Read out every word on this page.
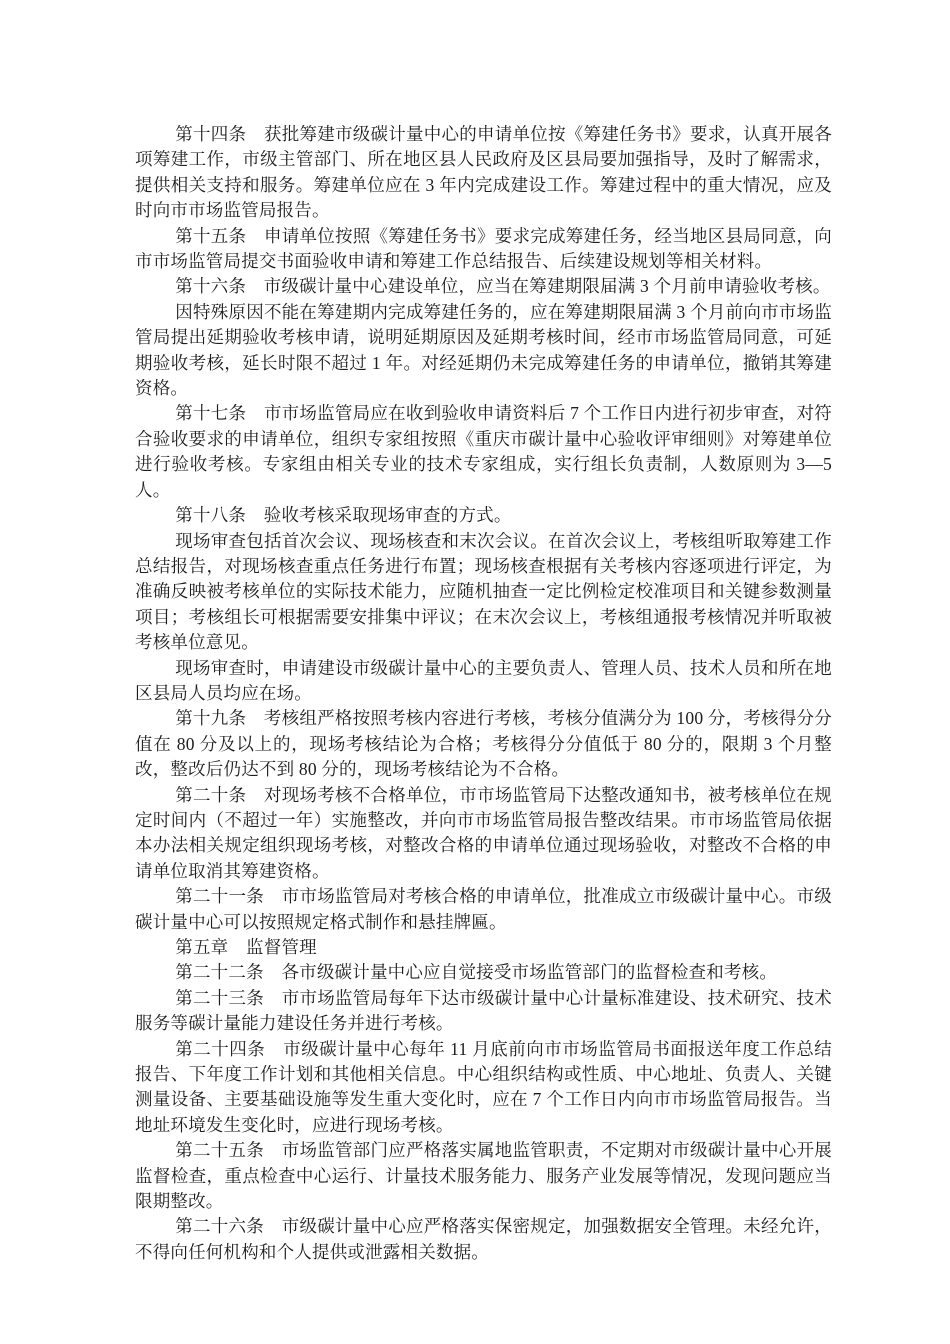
第十四条　获批筹建市级碳计量中心的申请单位按《筹建任务书》要求，认真开展各项筹建工作，市级主管部门、所在地区县人民政府及区县局要加强指导，及时了解需求，提供相关支持和服务。筹建单位应在 3 年内完成建设工作。筹建过程中的重大情况，应及时向市市场监管局报告。

第十五条　申请单位按照《筹建任务书》要求完成筹建任务，经当地区县局同意，向市市场监管局提交书面验收申请和筹建工作总结报告、后续建设规划等相关材料。

第十六条　市级碳计量中心建设单位，应当在筹建期限届满 3 个月前申请验收考核。

因特殊原因不能在筹建期内完成筹建任务的，应在筹建期限届满 3 个月前向市市场监管局提出延期验收考核申请，说明延期原因及延期考核时间，经市市场监管局同意，可延期验收考核，延长时限不超过 1 年。对经延期仍未完成筹建任务的申请单位，撤销其筹建资格。

第十七条　市市场监管局应在收到验收申请资料后 7 个工作日内进行初步审查，对符合验收要求的申请单位，组织专家组按照《重庆市碳计量中心验收评审细则》对筹建单位进行验收考核。专家组由相关专业的技术专家组成，实行组长负责制，人数原则为 3—5 人。

第十八条　验收考核采取现场审查的方式。

现场审查包括首次会议、现场核查和末次会议。在首次会议上，考核组听取筹建工作总结报告，对现场核查重点任务进行布置；现场核查根据有关考核内容逐项进行评定，为准确反映被考核单位的实际技术能力，应随机抽查一定比例检定校准项目和关键参数测量项目；考核组长可根据需要安排集中评议；在末次会议上，考核组通报考核情况并听取被考核单位意见。

现场审查时，申请建设市级碳计量中心的主要负责人、管理人员、技术人员和所在地区县局人员均应在场。

第十九条　考核组严格按照考核内容进行考核，考核分值满分为 100 分，考核得分分值在 80 分及以上的，现场考核结论为合格；考核得分分值低于 80 分的，限期 3 个月整改，整改后仍达不到 80 分的，现场考核结论为不合格。

第二十条　对现场考核不合格单位，市市场监管局下达整改通知书，被考核单位在规定时间内（不超过一年）实施整改，并向市市场监管局报告整改结果。市市场监管局依据本办法相关规定组织现场考核，对整改合格的申请单位通过现场验收，对整改不合格的申请单位取消其筹建资格。

第二十一条　市市场监管局对考核合格的申请单位，批准成立市级碳计量中心。市级碳计量中心可以按照规定格式制作和悬挂牌匾。

第五章　监督管理

第二十二条　各市级碳计量中心应自觉接受市场监管部门的监督检查和考核。

第二十三条　市市场监管局每年下达市级碳计量中心计量标准建设、技术研究、技术服务等碳计量能力建设任务并进行考核。

第二十四条　市级碳计量中心每年 11 月底前向市市场监管局书面报送年度工作总结报告、下年度工作计划和其他相关信息。中心组织结构或性质、中心地址、负责人、关键测量设备、主要基础设施等发生重大变化时，应在 7 个工作日内向市市场监管局报告。当地址环境发生变化时，应进行现场考核。

第二十五条　市场监管部门应严格落实属地监管职责，不定期对市级碳计量中心开展监督检查，重点检查中心运行、计量技术服务能力、服务产业发展等情况，发现问题应当限期整改。

第二十六条　市级碳计量中心应严格落实保密规定，加强数据安全管理。未经允许，不得向任何机构和个人提供或泄露相关数据。
